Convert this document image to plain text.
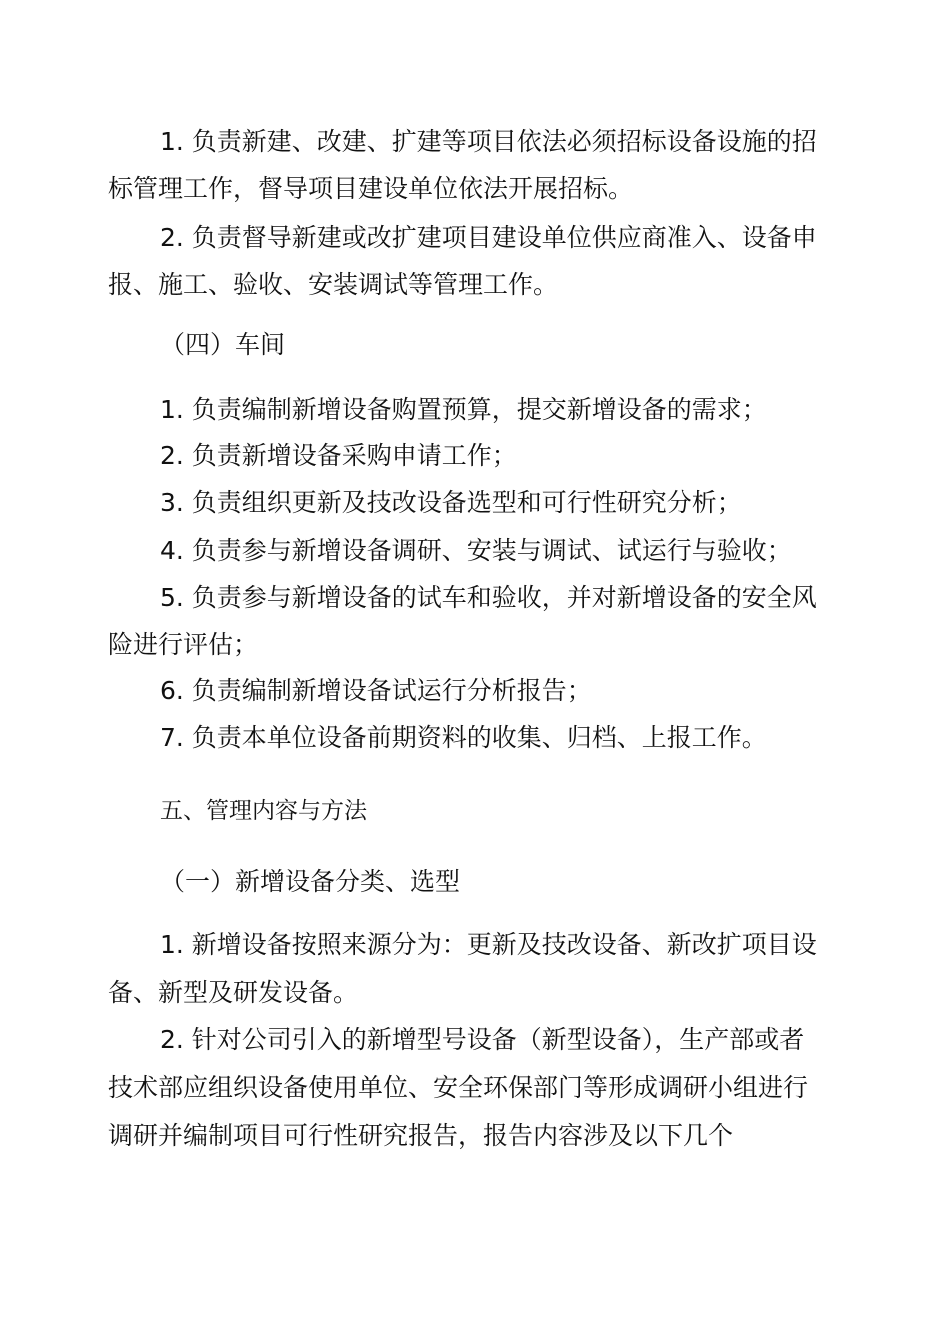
1. 负责新建、改建、扩建等项目依法必须招标设备设施的招
标管理工作，督导项目建设单位依法开展招标。
2. 负责督导新建或改扩建项目建设单位供应商准入、设备申
报、施工、验收、安装调试等管理工作。
（四）车间
1. 负责编制新增设备购置预算，提交新增设备的需求；
2. 负责新增设备采购申请工作；
3. 负责组织更新及技改设备选型和可行性研究分析；
4. 负责参与新增设备调研、安装与调试、试运行与验收；
5. 负责参与新增设备的试车和验收，并对新增设备的安全风
险进行评估；
6. 负责编制新增设备试运行分析报告；
7. 负责本单位设备前期资料的收集、归档、上报工作。
五、管理内容与方法
（一）新增设备分类、选型
1. 新增设备按照来源分为：更新及技改设备、新改扩项目设
备、新型及研发设备。
2. 针对公司引入的新增型号设备（新型设备），生产部或者
技术部应组织设备使用单位、安全环保部门等形成调研小组进行
调研并编制项目可行性研究报告，报告内容涉及以下几个
